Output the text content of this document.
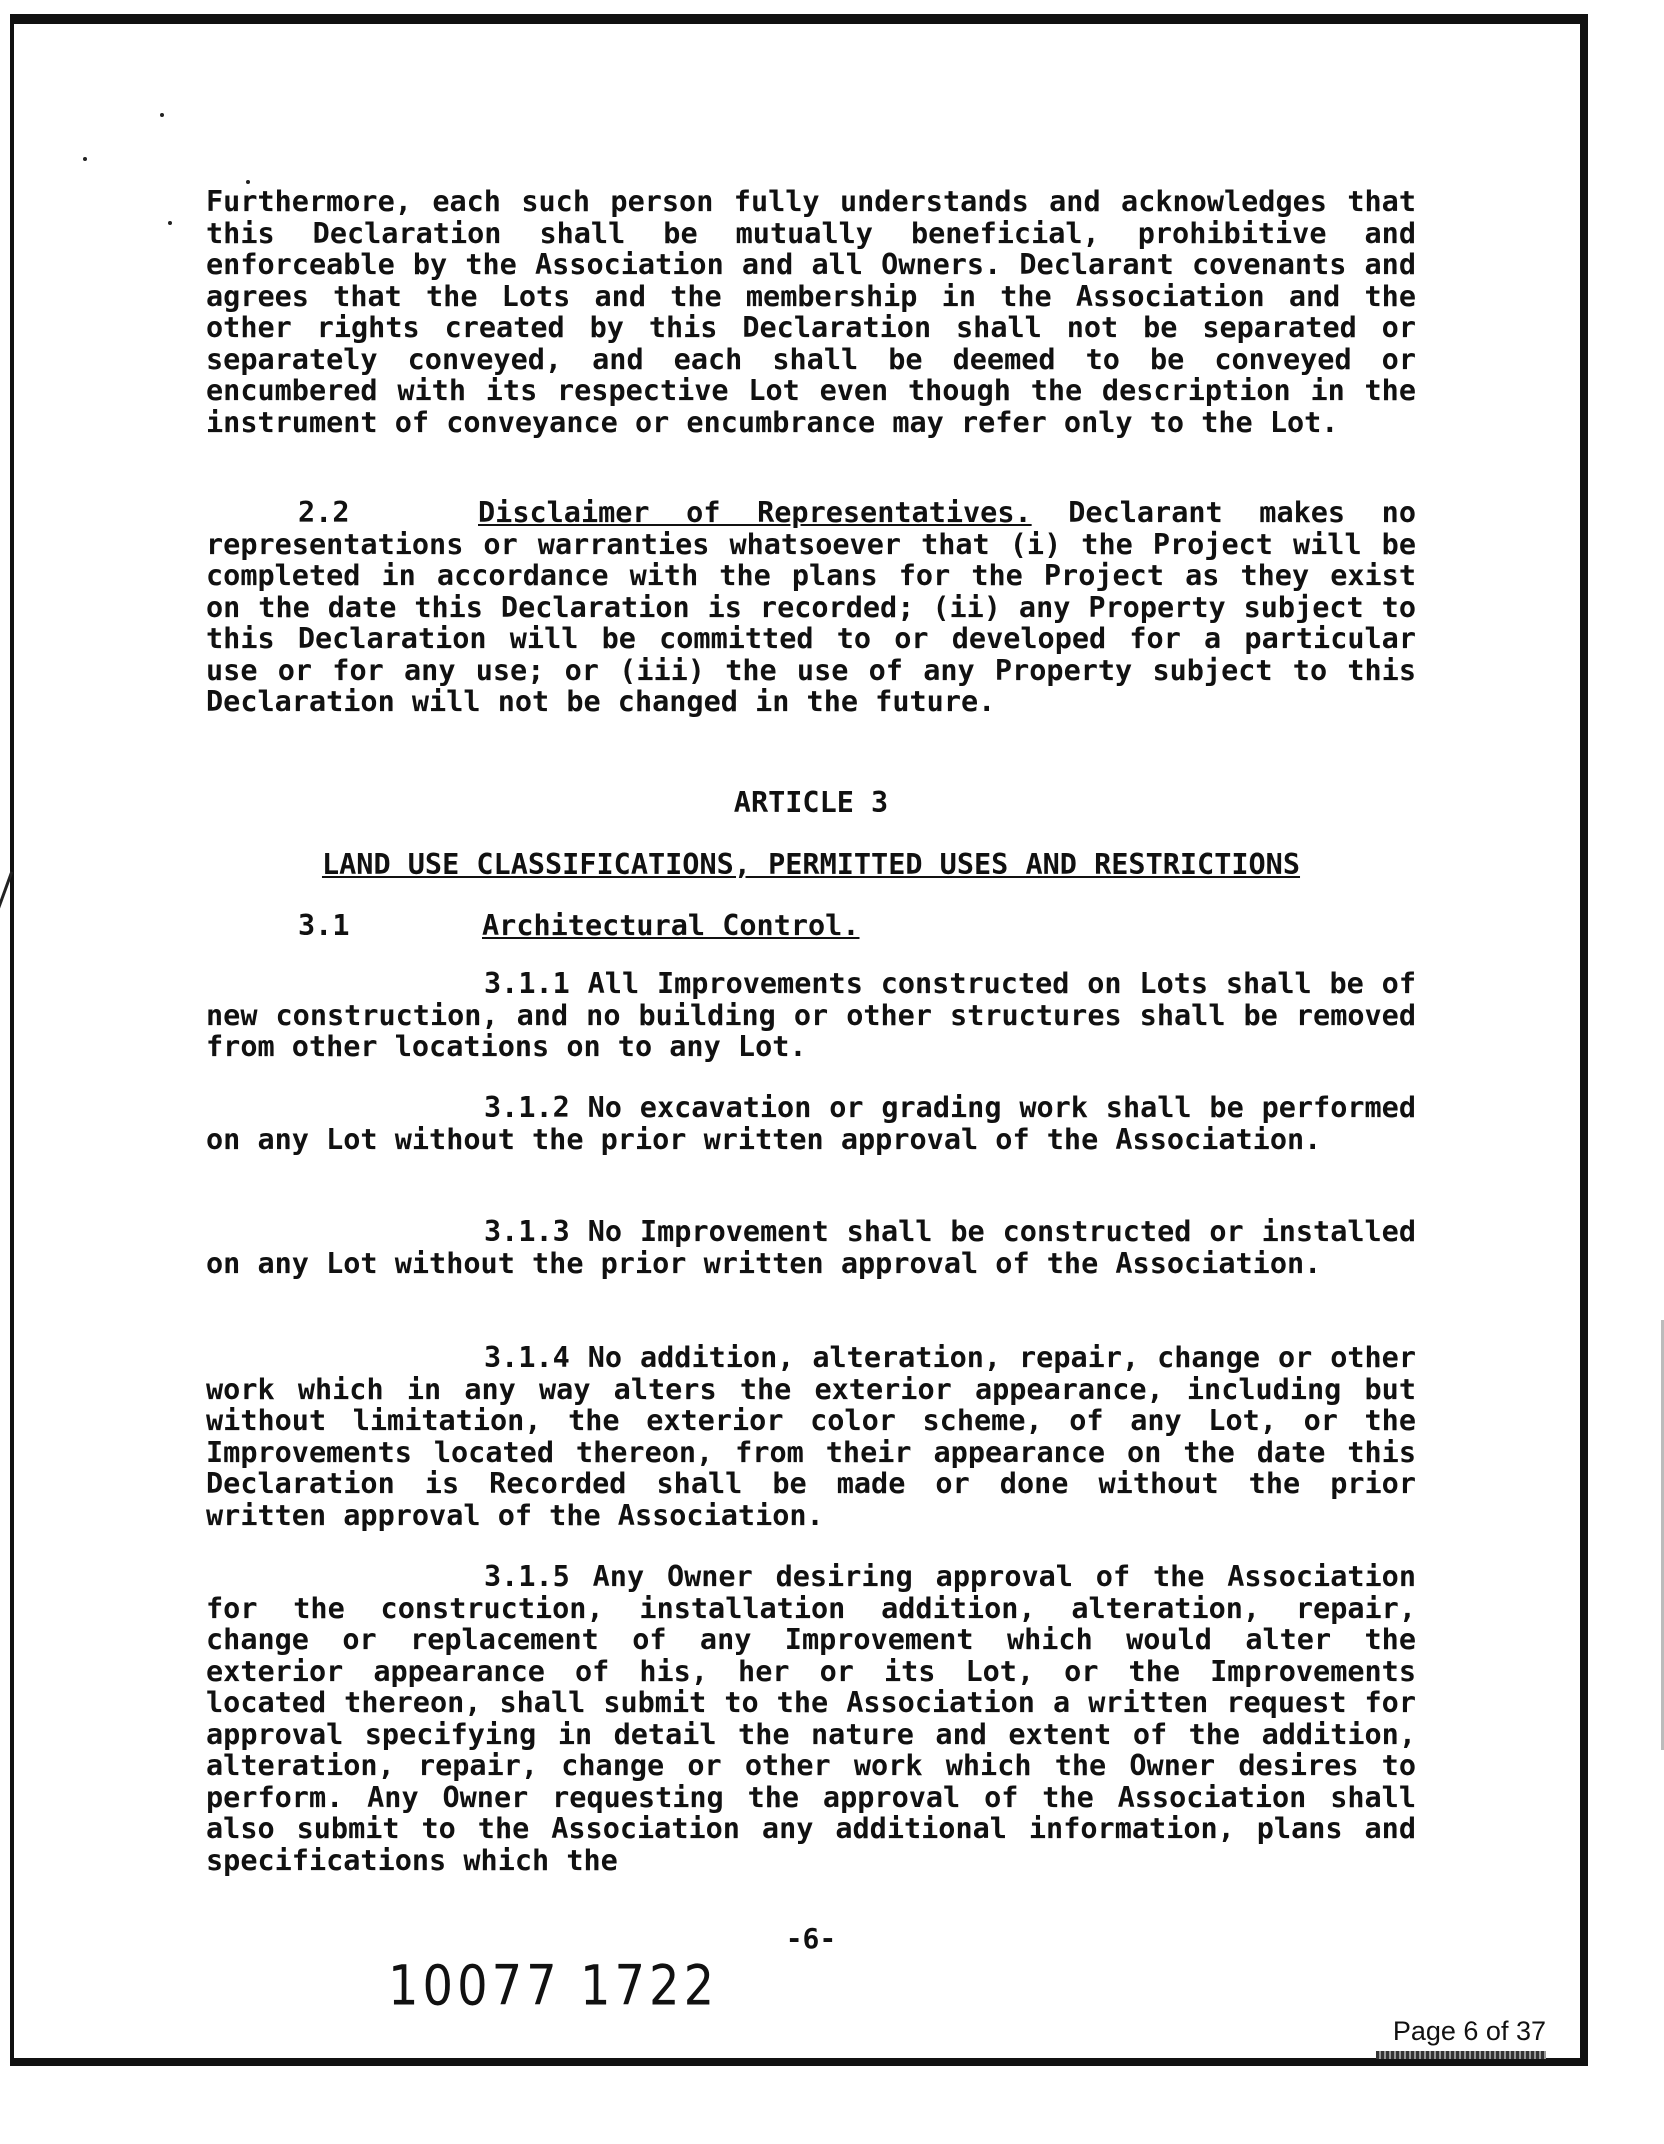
Furthermore, each such person fully understands and acknowledges that this Declaration shall be mutually beneficial, prohibitive and enforceable by the Association and all Owners. Declarant covenants and agrees that the Lots and the membership in the Association and the other rights created by this Declaration shall not be separated or separately conveyed, and each shall be deemed to be conveyed or encumbered with its respective Lot even though the description in the instrument of conveyance or encumbrance may refer only to the Lot.

2.2	Disclaimer of Representatives. Declarant makes no representations or warranties whatsoever that (i) the Project will be completed in accordance with the plans for the Project as they exist on the date this Declaration is recorded; (ii) any Property subject to this Declaration will be committed to or developed for a particular use or for any use; or (iii) the use of any Property subject to this Declaration will not be changed in the future.

ARTICLE 3
LAND USE CLASSIFICATIONS, PERMITTED USES AND RESTRICTIONS
3.1	Architectural Control.

3.1.1 All Improvements constructed on Lots shall be of new construction, and no building or other structures shall be removed from other locations on to any Lot.

3.1.2 No excavation or grading work shall be performed on any Lot without the prior written approval of the Association.

3.1.3 No Improvement shall be constructed or installed on any Lot without the prior written approval of the Association.

3.1.4 No addition, alteration, repair, change or other work which in any way alters the exterior appearance, including but without limitation, the exterior color scheme, of any Lot, or the Improvements located thereon, from their appearance on the date this Declaration is Recorded shall be made or done without the prior written approval of the Association.

3.1.5 Any Owner desiring approval of the Association for the construction, installation addition, alteration, repair, change or replacement of any Improvement which would alter the exterior appearance of his, her or its Lot, or the Improvements located thereon, shall submit to the Association a written request for approval specifying in detail the nature and extent of the addition, alteration, repair, change or other work which the Owner desires to perform. Any Owner requesting the approval of the Association shall also submit to the Association any additional information, plans and specifications which the

-6-
10077 1722
Page 6 of 37
